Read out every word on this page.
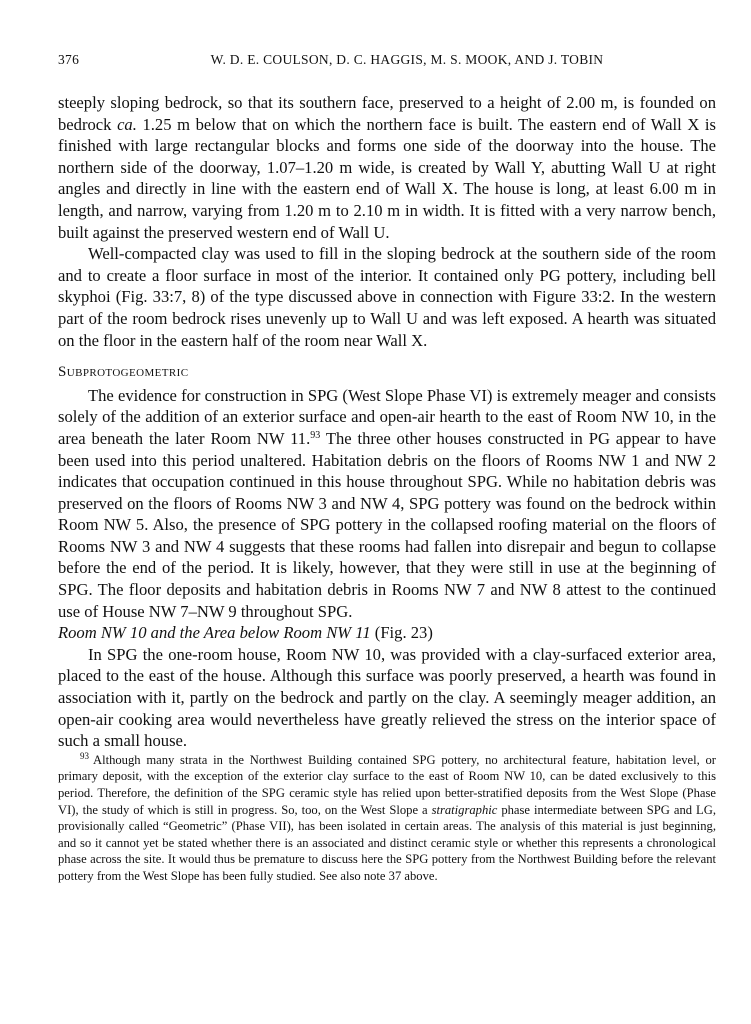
376	W. D. E. COULSON, D. C. HAGGIS, M. S. MOOK, AND J. TOBIN

steeply sloping bedrock, so that its southern face, preserved to a height of 2.00 m, is founded on bedrock ca. 1.25 m below that on which the northern face is built. The eastern end of Wall X is finished with large rectangular blocks and forms one side of the doorway into the house. The northern side of the doorway, 1.07–1.20 m wide, is created by Wall Y, abutting Wall U at right angles and directly in line with the eastern end of Wall X. The house is long, at least 6.00 m in length, and narrow, varying from 1.20 m to 2.10 m in width. It is fitted with a very narrow bench, built against the preserved western end of Wall U.

Well-compacted clay was used to fill in the sloping bedrock at the southern side of the room and to create a floor surface in most of the interior. It contained only PG pottery, including bell skyphoi (Fig. 33:7, 8) of the type discussed above in connection with Figure 33:2. In the western part of the room bedrock rises unevenly up to Wall U and was left exposed. A hearth was situated on the floor in the eastern half of the room near Wall X.

Subprotogeometric

The evidence for construction in SPG (West Slope Phase VI) is extremely meager and consists solely of the addition of an exterior surface and open-air hearth to the east of Room NW 10, in the area beneath the later Room NW 11.93 The three other houses constructed in PG appear to have been used into this period unaltered. Habitation debris on the floors of Rooms NW 1 and NW 2 indicates that occupation continued in this house throughout SPG. While no habitation debris was preserved on the floors of Rooms NW 3 and NW 4, SPG pottery was found on the bedrock within Room NW 5. Also, the presence of SPG pottery in the collapsed roofing material on the floors of Rooms NW 3 and NW 4 suggests that these rooms had fallen into disrepair and begun to collapse before the end of the period. It is likely, however, that they were still in use at the beginning of SPG. The floor deposits and habitation debris in Rooms NW 7 and NW 8 attest to the continued use of House NW 7–NW 9 throughout SPG.

Room NW 10 and the Area below Room NW 11 (Fig. 23)

In SPG the one-room house, Room NW 10, was provided with a clay-surfaced exterior area, placed to the east of the house. Although this surface was poorly preserved, a hearth was found in association with it, partly on the bedrock and partly on the clay. A seemingly meager addition, an open-air cooking area would nevertheless have greatly relieved the stress on the interior space of such a small house.

$^{93}$ Although many strata in the Northwest Building contained SPG pottery, no architectural feature, habitation level, or primary deposit, with the exception of the exterior clay surface to the east of Room NW 10, can be dated exclusively to this period. Therefore, the definition of the SPG ceramic style has relied upon better-stratified deposits from the West Slope (Phase VI), the study of which is still in progress. So, too, on the West Slope a stratigraphic phase intermediate between SPG and LG, provisionally called “Geometric” (Phase VII), has been isolated in certain areas. The analysis of this material is just beginning, and so it cannot yet be stated whether there is an associated and distinct ceramic style or whether this represents a chronological phase across the site. It would thus be premature to discuss here the SPG pottery from the Northwest Building before the relevant pottery from the West Slope has been fully studied. See also note 37 above.
